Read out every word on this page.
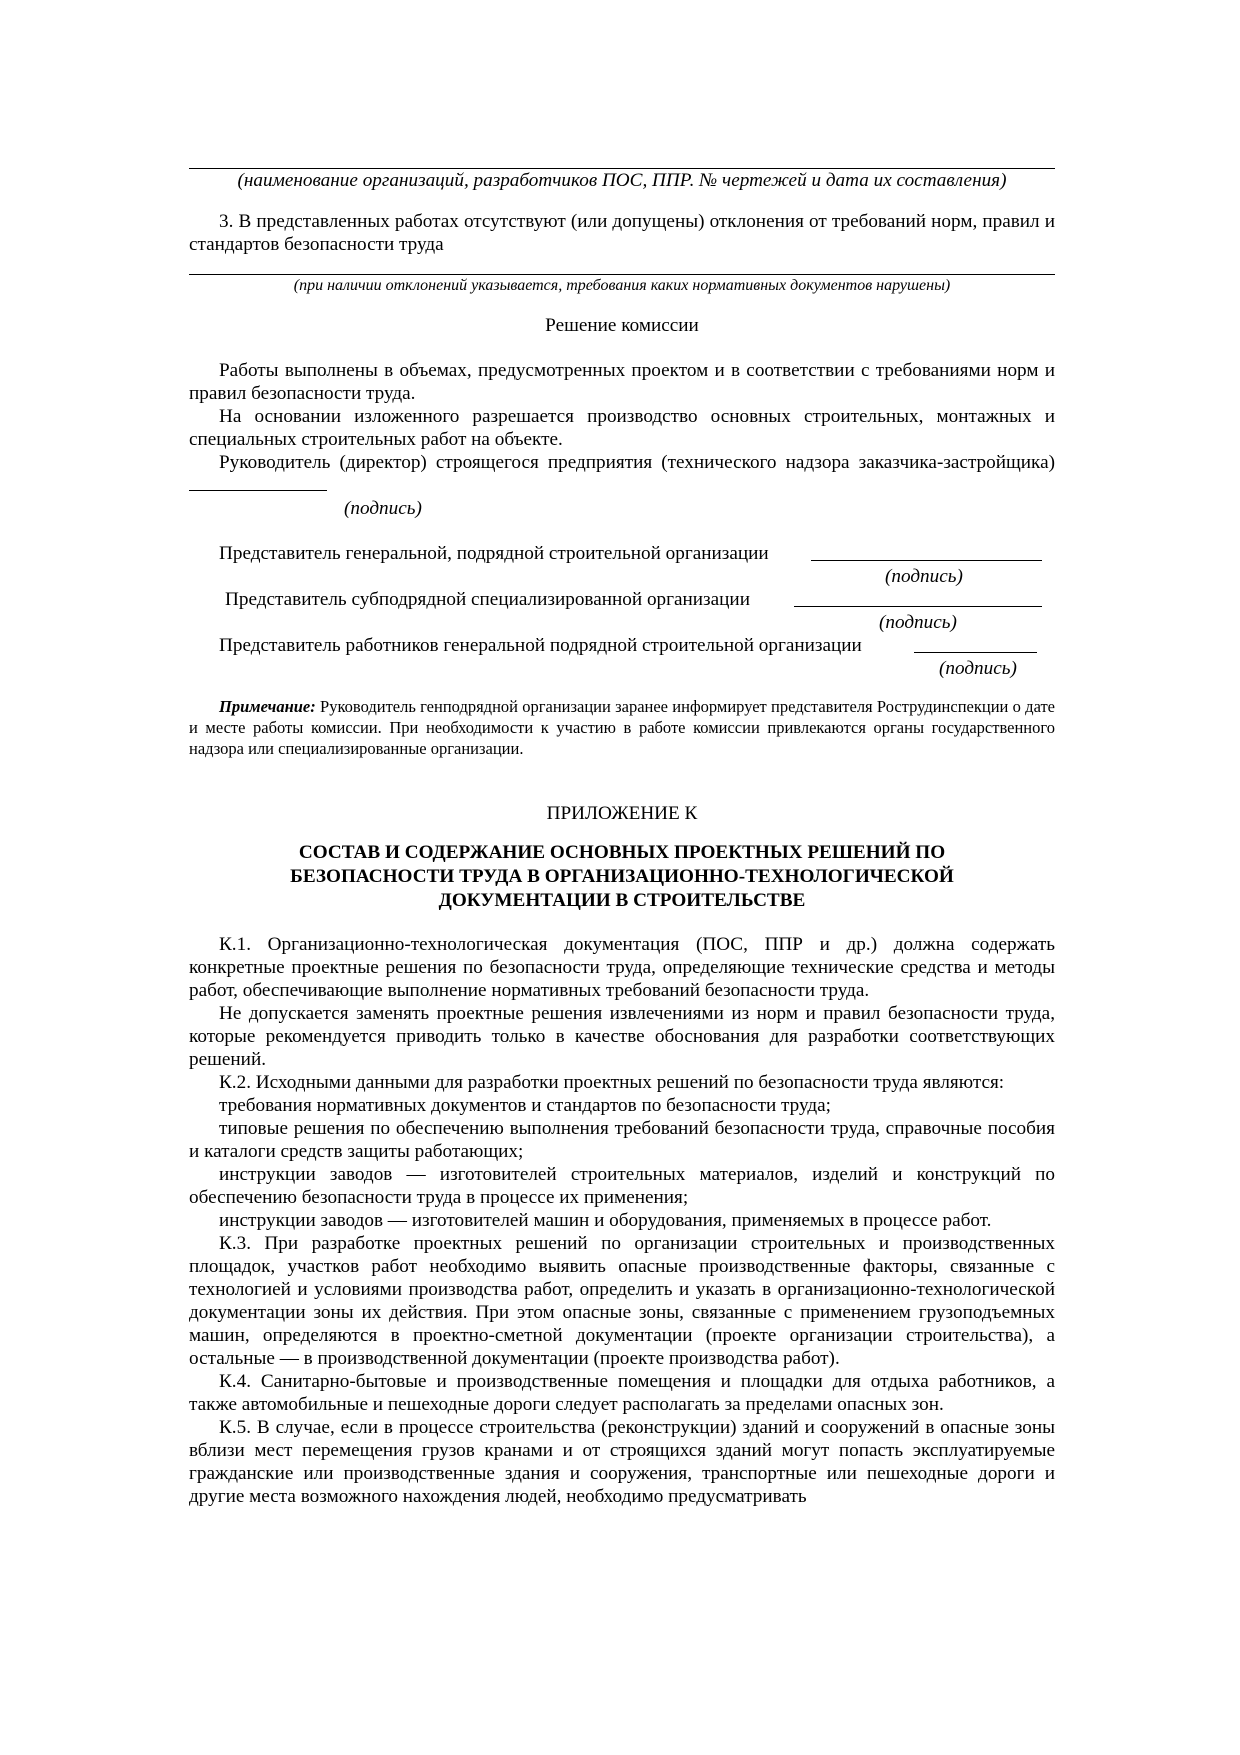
(наименование организаций, разработчиков ПОС, ППР. № чертежей и дата их составления)

3. В представленных работах отсутствуют (или допущены) отклонения от требований норм, правил и стандартов безопасности труда

(при наличии отклонений указывается, требования каких нормативных документов нарушены)
Решение комиссии

Работы выполнены в объемах, предусмотренных проектом и в соответствии с требованиями норм и правил безопасности труда.

На основании изложенного разрешается производство основных строительных, монтажных и специальных строительных работ на объекте.

Руководитель (директор) строящегося предприятия (технического надзора заказчика-застройщика)

(подпись)
Представитель генеральной, подрядной строительной организации
(подпись)
Представитель субподрядной специализированной организации
(подпись)
Представитель работников генеральной подрядной строительной организации
(подпись)
Примечание: Руководитель генподрядной организации заранее информирует представителя Рострудинспекции о дате и месте работы комиссии. При необходимости к участию в работе комиссии привлекаются органы государственного надзора или специализированные организации.
ПРИЛОЖЕНИЕ К
СОСТАВ И СОДЕРЖАНИЕ ОСНОВНЫХ ПРОЕКТНЫХ РЕШЕНИЙ ПО
БЕЗОПАСНОСТИ ТРУДА В ОРГАНИЗАЦИОННО-ТЕХНОЛОГИЧЕСКОЙ
ДОКУМЕНТАЦИИ В СТРОИТЕЛЬСТВЕ

К.1. Организационно-технологическая документация (ПОС, ППР и др.) должна содержать конкретные проектные решения по безопасности труда, определяющие технические средства и методы работ, обеспечивающие выполнение нормативных требований безопасности труда.

Не допускается заменять проектные решения извлечениями из норм и правил безопасности труда, которые рекомендуется приводить только в качестве обоснования для разработки соответствующих решений.

К.2. Исходными данными для разработки проектных решений по безопасности труда являются:

требования нормативных документов и стандартов по безопасности труда;

типовые решения по обеспечению выполнения требований безопасности труда, справочные пособия и каталоги средств защиты работающих;

инструкции заводов — изготовителей строительных материалов, изделий и конструкций по обеспечению безопасности труда в процессе их применения;

инструкции заводов — изготовителей машин и оборудования, применяемых в процессе работ.

К.3. При разработке проектных решений по организации строительных и производственных площадок, участков работ необходимо выявить опасные производственные факторы, связанные с технологией и условиями производства работ, определить и указать в организационно-технологической документации зоны их действия. При этом опасные зоны, связанные с применением грузоподъемных машин, определяются в проектно-сметной документации (проекте организации строительства), а остальные — в производственной документации (проекте производства работ).

К.4. Санитарно-бытовые и производственные помещения и площадки для отдыха работников, а также автомобильные и пешеходные дороги следует располагать за пределами опасных зон.

К.5. В случае, если в процессе строительства (реконструкции) зданий и сооружений в опасные зоны вблизи мест перемещения грузов кранами и от строящихся зданий могут попасть эксплуатируемые гражданские или производственные здания и сооружения, транспортные или пешеходные дороги и другие места возможного нахождения людей, необходимо предусматривать
